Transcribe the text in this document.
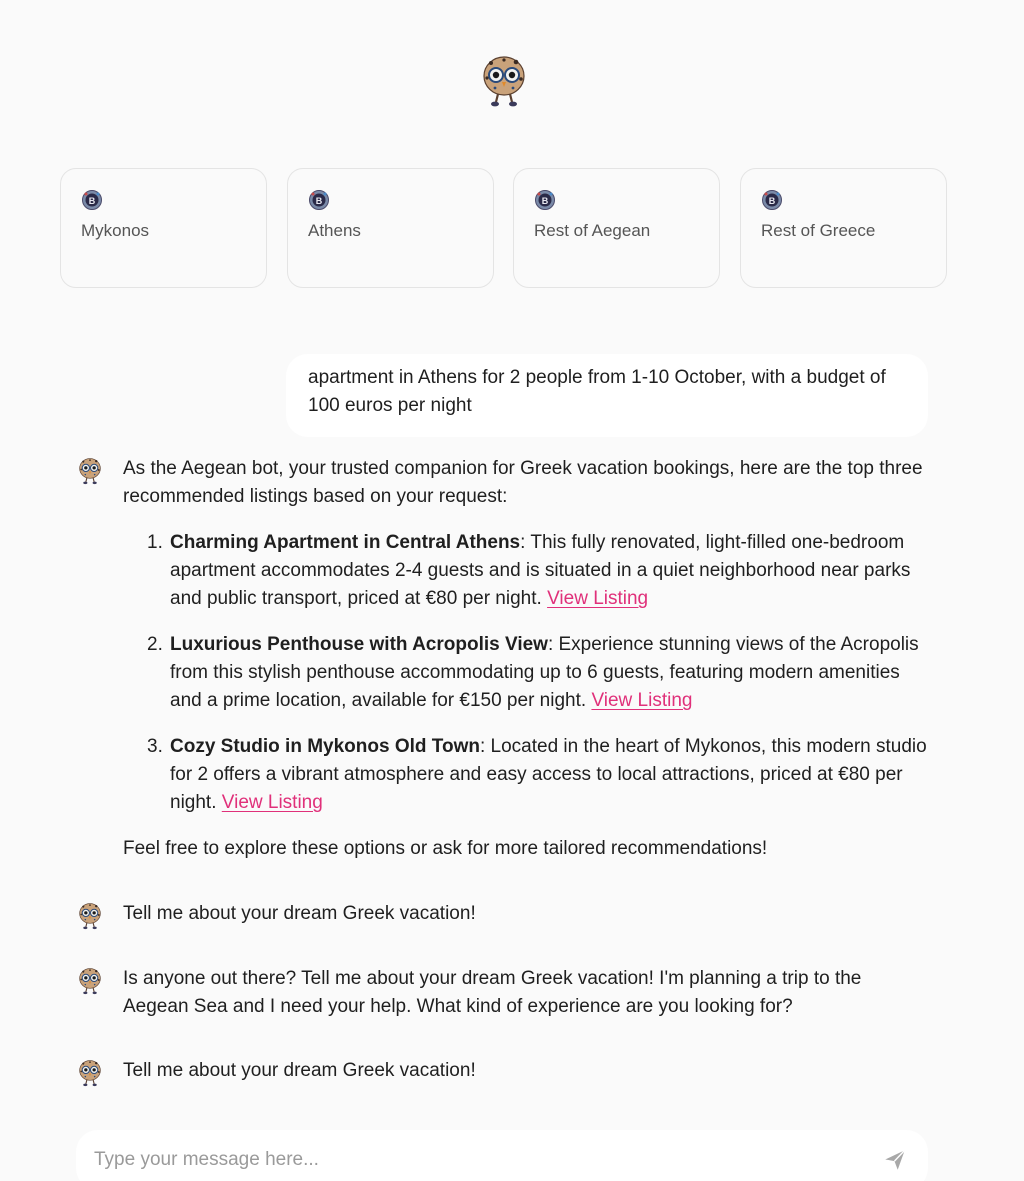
Mykonos	Athens	Rest of Aegean	Rest of Greece
apartment in Athens for 2 people from 1-10 October, with a budget of 100 euros per night

As the Aegean bot, your trusted companion for Greek vacation bookings, here are the top three recommended listings based on your request:

1. Charming Apartment in Central Athens: This fully renovated, light-filled one-bedroom apartment accommodates 2-4 guests and is situated in a quiet neighborhood near parks and public transport, priced at €80 per night. View Listing
2. Luxurious Penthouse with Acropolis View: Experience stunning views of the Acropolis from this stylish penthouse accommodating up to 6 guests, featuring modern amenities and a prime location, available for €150 per night. View Listing
3. Cozy Studio in Mykonos Old Town: Located in the heart of Mykonos, this modern studio for 2 offers a vibrant atmosphere and easy access to local attractions, priced at €80 per night. View Listing

Feel free to explore these options or ask for more tailored recommendations!

Tell me about your dream Greek vacation!
Is anyone out there? Tell me about your dream Greek vacation! I'm planning a trip to the Aegean Sea and I need your help. What kind of experience are you looking for?
Tell me about your dream Greek vacation!
Type your message here...
